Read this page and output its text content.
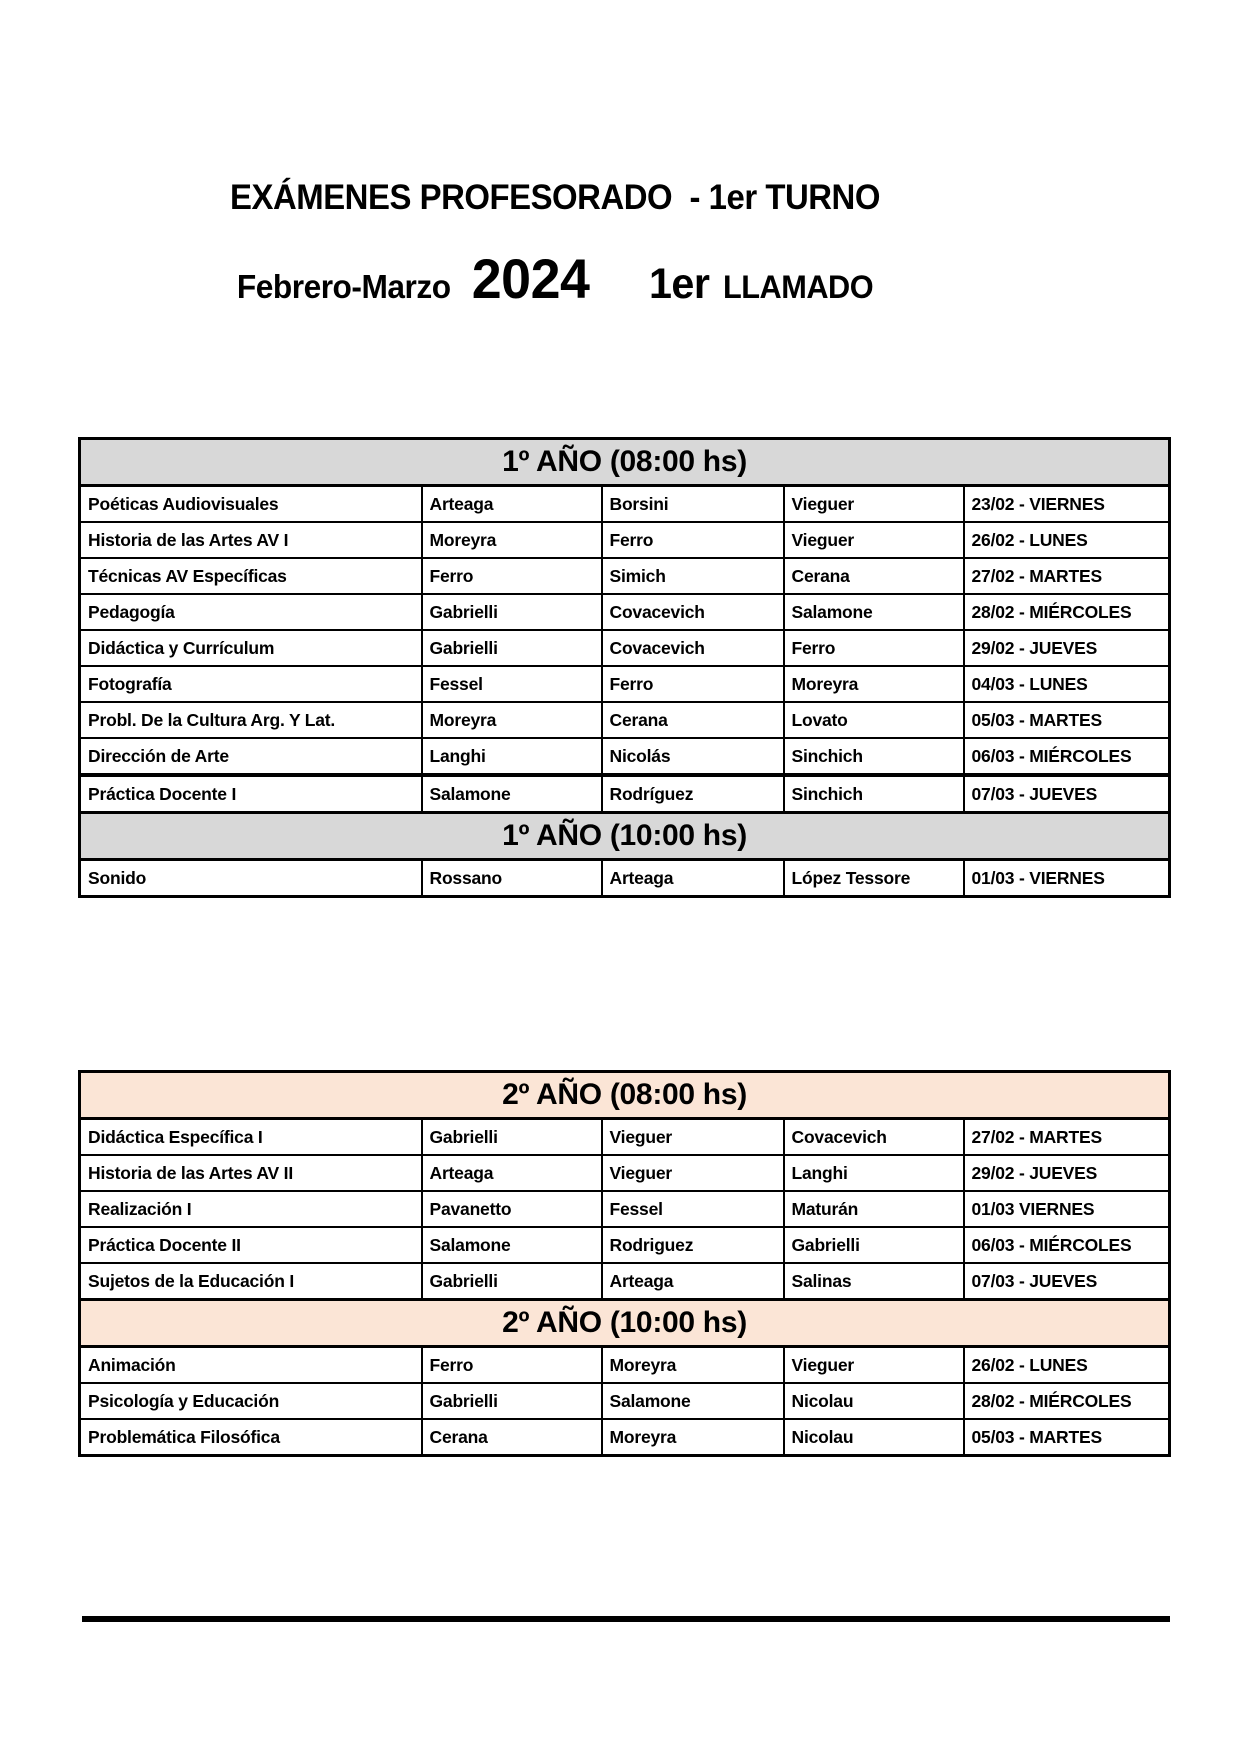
EXÁMENES PROFESORADO  - 1er TURNO
Febrero-Marzo 2024 1er LLAMADO
1º AÑO (08:00 hs)				
Poéticas Audiovisuales	Arteaga	Borsini	Vieguer	23/02 - VIERNES
Historia de las Artes AV I	Moreyra	Ferro	Vieguer	26/02 - LUNES
Técnicas AV Específicas	Ferro	Simich	Cerana	27/02 - MARTES
Pedagogía	Gabrielli	Covacevich	Salamone	28/02 - MIÉRCOLES
Didáctica y Currículum	Gabrielli	Covacevich	Ferro	29/02 - JUEVES
Fotografía	Fessel	Ferro	Moreyra	04/03 - LUNES
Probl. De la Cultura Arg. Y Lat.	Moreyra	Cerana	Lovato	05/03 - MARTES
Dirección de Arte	Langhi	Nicolás	Sinchich	06/03 - MIÉRCOLES
Práctica Docente I	Salamone	Rodríguez	Sinchich	07/03 - JUEVES
1º AÑO (10:00 hs)				
Sonido	Rossano	Arteaga	López Tessore	01/03 - VIERNES
2º AÑO (08:00 hs)				
Didáctica Específica I	Gabrielli	Vieguer	Covacevich	27/02 - MARTES
Historia de las Artes AV II	Arteaga	Vieguer	Langhi	29/02 - JUEVES
Realización I	Pavanetto	Fessel	Maturán	01/03 VIERNES
Práctica Docente II	Salamone	Rodriguez	Gabrielli	06/03 - MIÉRCOLES
Sujetos de la Educación I	Gabrielli	Arteaga	Salinas	07/03 - JUEVES
2º AÑO (10:00 hs)				
Animación	Ferro	Moreyra	Vieguer	26/02 - LUNES
Psicología y Educación	Gabrielli	Salamone	Nicolau	28/02 - MIÉRCOLES
Problemática Filosófica	Cerana	Moreyra	Nicolau	05/03 - MARTES
